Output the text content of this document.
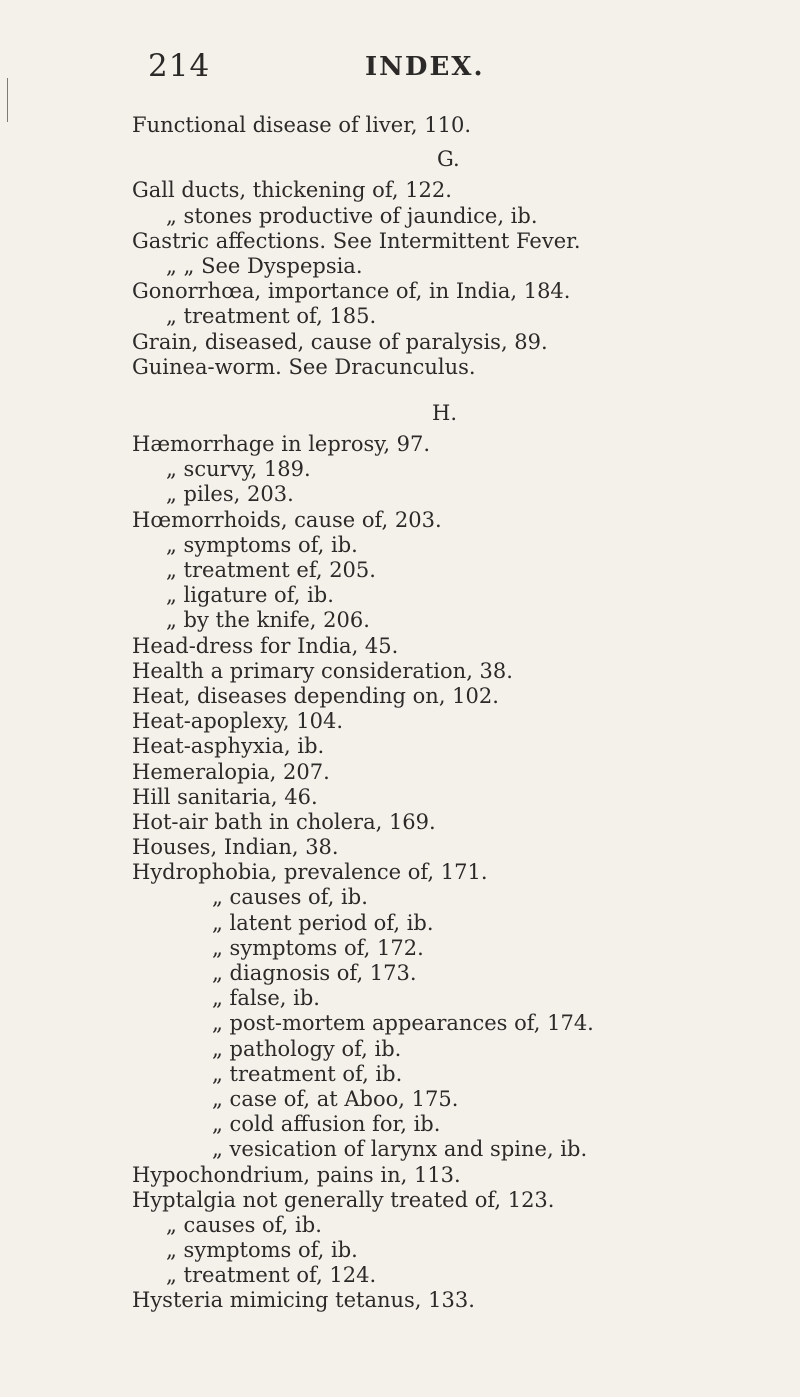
214	INDEX.
Functional disease of liver, 110.
G.
Gall ducts, thickening of, 122.
„ stones productive of jaundice, ib.
Gastric affections. See Intermittent Fever.
„ „ See Dyspepsia.
Gonorrhœa, importance of, in India, 184.
„ treatment of, 185.
Grain, diseased, cause of paralysis, 89.
Guinea-worm. See Dracunculus.
H.
Hæmorrhage in leprosy, 97.
„ scurvy, 189.
„ piles, 203.
Hœmorrhoids, cause of, 203.
„ symptoms of, ib.
„ treatment ef, 205.
„ ligature of, ib.
„ by the knife, 206.
Head-dress for India, 45.
Health a primary consideration, 38.
Heat, diseases depending on, 102.
Heat-apoplexy, 104.
Heat-asphyxia, ib.
Hemeralopia, 207.
Hill sanitaria, 46.
Hot-air bath in cholera, 169.
Houses, Indian, 38.
Hydrophobia, prevalence of, 171.
„ causes of, ib.
„ latent period of, ib.
„ symptoms of, 172.
„ diagnosis of, 173.
„ false, ib.
„ post-mortem appearances of, 174.
„ pathology of, ib.
„ treatment of, ib.
„ case of, at Aboo, 175.
„ cold affusion for, ib.
„ vesication of larynx and spine, ib.
Hypochondrium, pains in, 113.
Hyptalgia not generally treated of, 123.
„ causes of, ib.
„ symptoms of, ib.
„ treatment of, 124.
Hysteria mimicing tetanus, 133.
